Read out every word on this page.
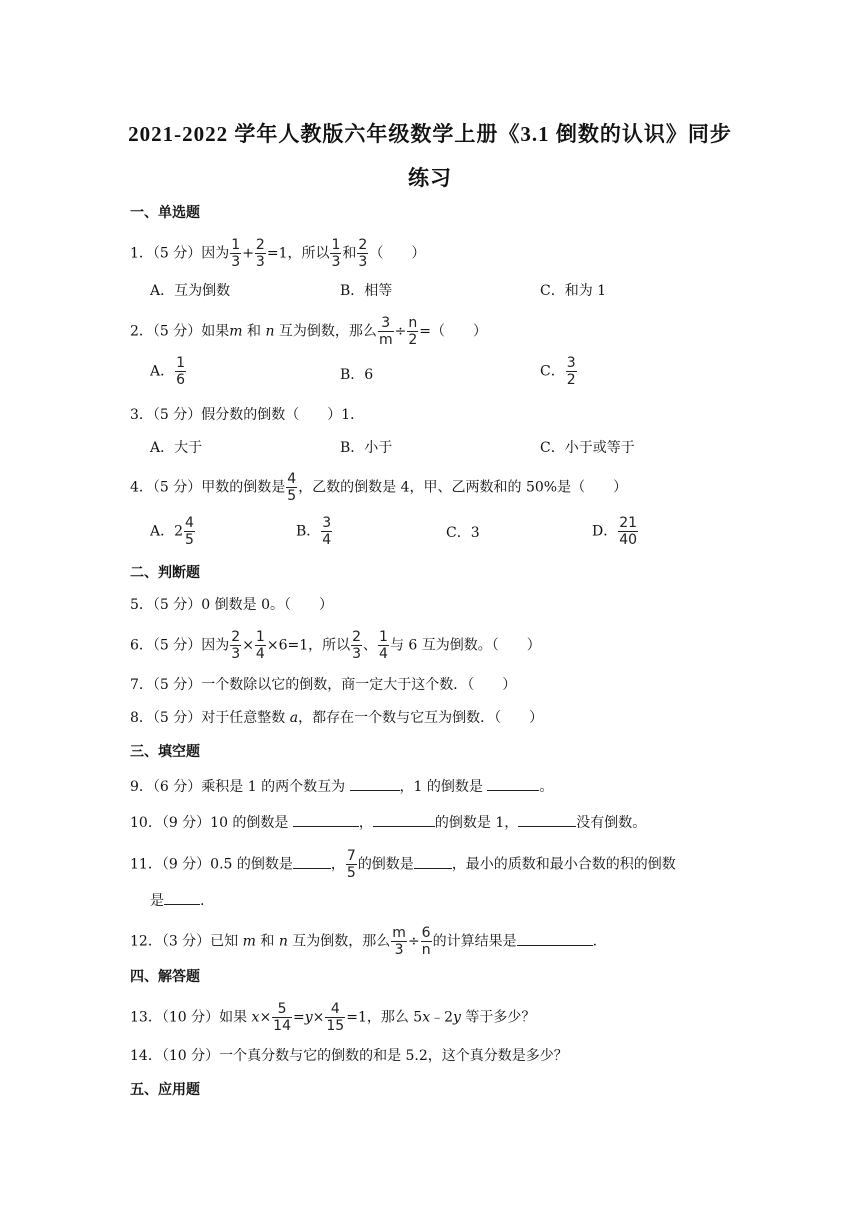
2021-2022 学年人教版六年级数学上册《3.1 倒数的认识》同步
练习
一、单选题
1．（5 分）因为 $\frac{1}{3} + \frac{2}{3} =1$，所以 $\frac{1}{3}$ 和 $\frac{2}{3}$ （　　）
A．互为倒数	B．相等	C．和为 1
2．（5 分）如果m 和 n 互为倒数，那么 $\frac{3}{m} \div \frac{n}{2}$ =（　　）
A． $\frac{1}{6}$	B．6	C． $\frac{3}{2}$
3．（5 分）假分数的倒数（　　）1．
A．大于	B．小于	C．小于或等于
4．（5 分）甲数的倒数是 $\frac{4}{5}$ ，乙数的倒数是 4，甲、乙两数和的 50%是（　　）
A．$2 \frac{4}{5}$	B． $\frac{3}{4}$	C．3	D． $\frac{21}{40}$
二、判断题
5．（5 分）0 倒数是 0。（　　）
6．（5 分）因为 $\frac{2}{3} \times \frac{1}{4} \times 6=1$，所以 $\frac{2}{3}$ 、 $\frac{1}{4}$ 与 6 互为倒数。（　　）
7．（5 分）一个数除以它的倒数，商一定大于这个数．（　　）
8．（5 分）对于任意整数 a，都存在一个数与它互为倒数．（　　）
三、填空题
9．（6 分）乘积是 1 的两个数互为	，1 的倒数是	。
10．（9 分）10 的倒数是	，	的倒数是 1，	没有倒数。
11．（9 分）0.5 的倒数是	， $\frac{7}{5}$ 的倒数是	，最小的质数和最小合数的积的倒数
是	.
12．（3 分）已知 m 和 n 互为倒数，那么 $\frac{m}{3} \div \frac{6}{n}$ 的计算结果是	.
四、解答题
13．（10 分）如果 $x\times \frac{5}{14} =y\times \frac{4}{15} =1$，那么 5x﹣2y 等于多少？
14．（10 分）一个真分数与它的倒数的和是 5.2，这个真分数是多少？
五、应用题
